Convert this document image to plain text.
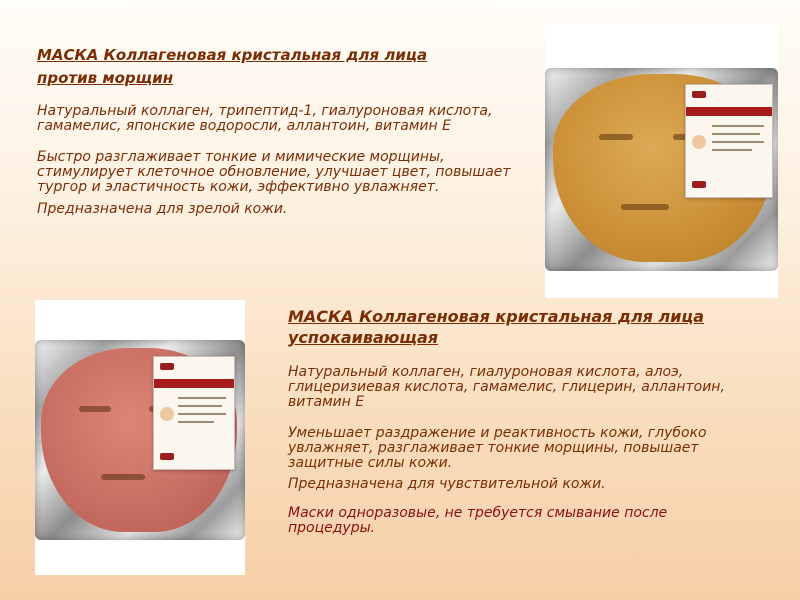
МАСКА Коллагеновая кристальная для лица

против морщин

Натуральный коллаген, трипептид-1, гиалуроновая кислота, гамамелис, японские водоросли, аллантоин, витамин Е

Быстро разглаживает тонкие и мимические морщины, стимулирует клеточное обновление, улучшает цвет, повышает тургор и эластичность кожи, эффективно увлажняет.

Предназначена для зрелой кожи.

МАСКА Коллагеновая кристальная для лица

успокаивающая

Натуральный коллаген, гиалуроновая кислота, алоэ, глицеризиевая кислота, гамамелис, глицерин, аллантоин, витамин Е

Уменьшает раздражение и реактивность кожи, глубоко увлажняет, разглаживает тонкие морщины, повышает защитные силы кожи.

Предназначена для чувствительной кожи.

Маски одноразовые, не требуется смывание после процедуры.
